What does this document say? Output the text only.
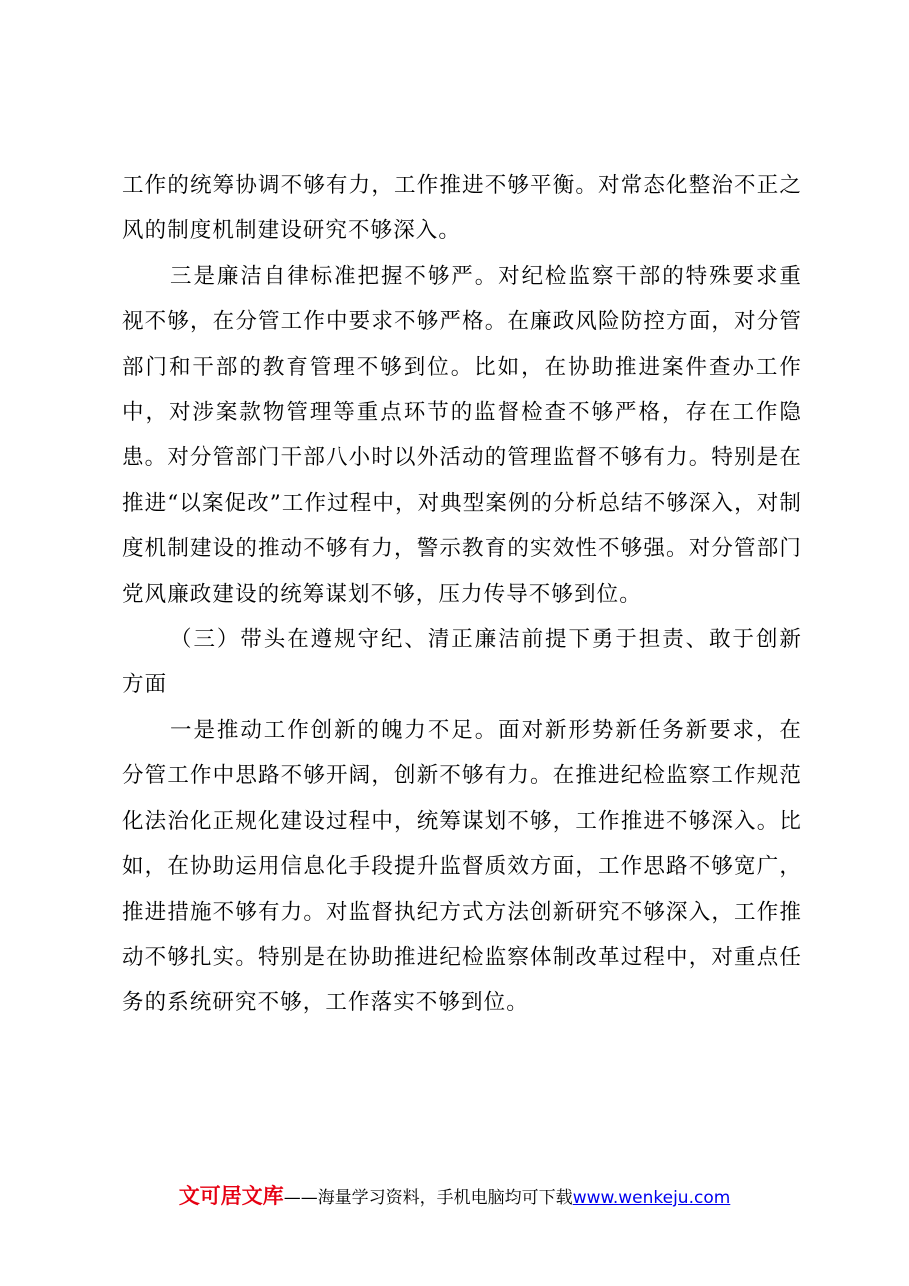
工作的统筹协调不够有力，工作推进不够平衡。对常态化整治不正之风的制度机制建设研究不够深入。

三是廉洁自律标准把握不够严。对纪检监察干部的特殊要求重视不够，在分管工作中要求不够严格。在廉政风险防控方面，对分管部门和干部的教育管理不够到位。比如，在协助推进案件查办工作中，对涉案款物管理等重点环节的监督检查不够严格，存在工作隐患。对分管部门干部八小时以外活动的管理监督不够有力。特别是在推进“以案促改”工作过程中，对典型案例的分析总结不够深入，对制度机制建设的推动不够有力，警示教育的实效性不够强。对分管部门党风廉政建设的统筹谋划不够，压力传导不够到位。

（三）带头在遵规守纪、清正廉洁前提下勇于担责、敢于创新方面

一是推动工作创新的魄力不足。面对新形势新任务新要求，在分管工作中思路不够开阔，创新不够有力。在推进纪检监察工作规范化法治化正规化建设过程中，统筹谋划不够，工作推进不够深入。比如，在协助运用信息化手段提升监督质效方面，工作思路不够宽广，推进措施不够有力。对监督执纪方式方法创新研究不够深入，工作推动不够扎实。特别是在协助推进纪检监察体制改革过程中，对重点任务的系统研究不够，工作落实不够到位。

文可居文库——海量学习资料，手机电脑均可下载www.wenkeju.com
